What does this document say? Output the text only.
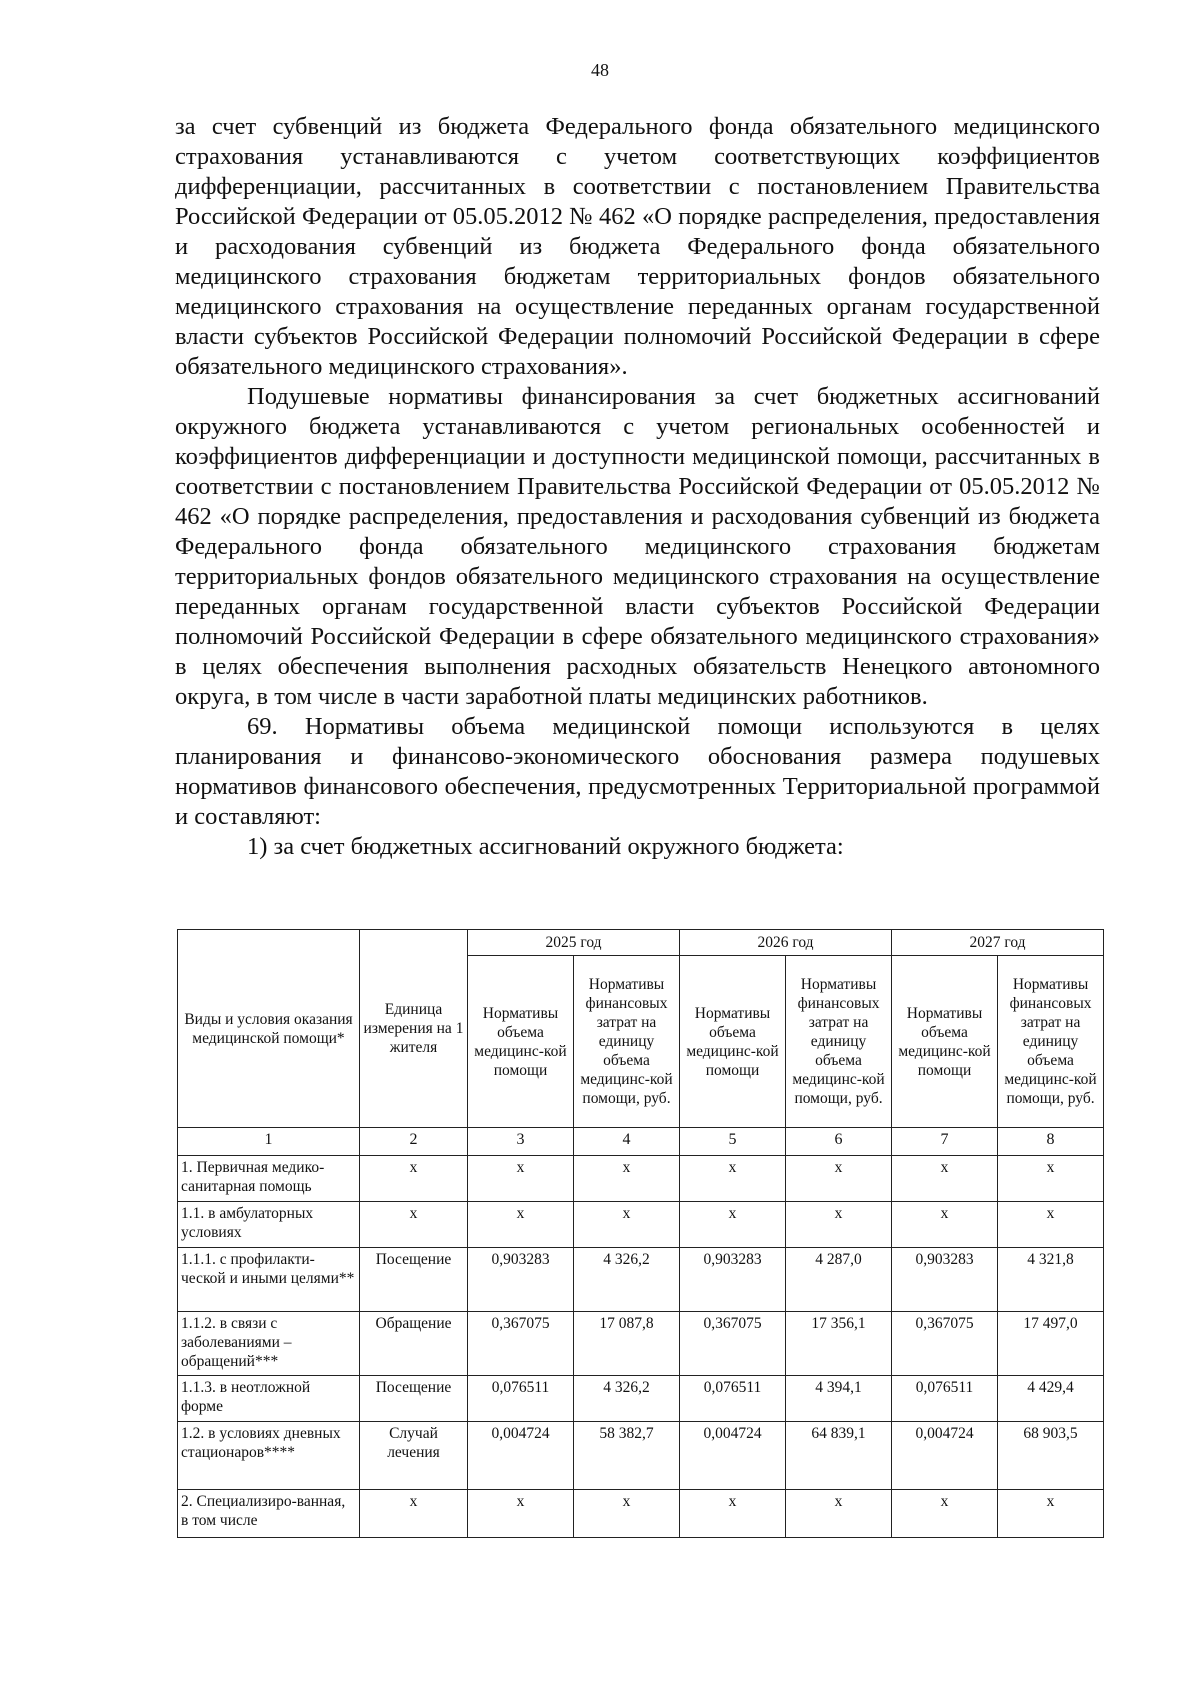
48

за счет субвенций из бюджета Федерального фонда обязательного медицинского страхования устанавливаются с учетом соответствующих коэффициентов дифференциации, рассчитанных в соответствии с постановлением Правительства Российской Федерации от 05.05.2012 № 462 «О порядке распределения, предоставления и расходования субвенций из бюджета Федерального фонда обязательного медицинского страхования бюджетам территориальных фондов обязательного медицинского страхования на осуществление переданных органам государственной власти субъектов Российской Федерации полномочий Российской Федерации в сфере обязательного медицинского страхования».

Подушевые нормативы финансирования за счет бюджетных ассигнований окружного бюджета устанавливаются с учетом региональных особенностей и коэффициентов дифференциации и доступности медицинской помощи, рассчитанных в соответствии с постановлением Правительства Российской Федерации от 05.05.2012 № 462 «О порядке распределения, предоставления и расходования субвенций из бюджета Федерального фонда обязательного медицинского страхования бюджетам территориальных фондов обязательного медицинского страхования на осуществление переданных органам государственной власти субъектов Российской Федерации полномочий Российской Федерации в сфере обязательного медицинского страхования» в целях обеспечения выполнения расходных обязательств Ненецкого автономного округа, в том числе в части заработной платы медицинских работников.

69. Нормативы объема медицинской помощи используются в целях планирования и финансово-экономического обоснования размера подушевых нормативов финансового обеспечения, предусмотренных Территориальной программой и составляют:

1) за счет бюджетных ассигнований окружного бюджета:

Виды и условия оказания медицинской помощи*	Единица измерения на 1 жителя	2025 год		2026 год		2027 год	
		Нормативы объема медицинс-кой помощи	Нормативы финансовых затрат на единицу объема медицинс-кой помощи, руб.	Нормативы объема медицинс-кой помощи	Нормативы финансовых затрат на единицу объема медицинс-кой помощи, руб.	Нормативы объема медицинс-кой помощи	Нормативы финансовых затрат на единицу объема медицинс-кой помощи, руб.
1	2	3	4	5	6	7	8
1. Первичная медико-санитарная помощь	х	х	х	х	х	х	х
1.1. в амбулаторных условиях	х	х	х	х	х	х	х
1.1.1. с профилакти-ческой и иными целями**	Посещение	0,903283	4 326,2	0,903283	4 287,0	0,903283	4 321,8
1.1.2. в связи с заболеваниями – обращений***	Обращение	0,367075	17 087,8	0,367075	17 356,1	0,367075	17 497,0
1.1.3. в неотложной форме	Посещение	0,076511	4 326,2	0,076511	4 394,1	0,076511	4 429,4
1.2. в условиях дневных стационаров****	Случай лечения	0,004724	58 382,7	0,004724	64 839,1	0,004724	68 903,5
2. Специализиро-ванная, в том числе	х	х	х	х	х	х	х
